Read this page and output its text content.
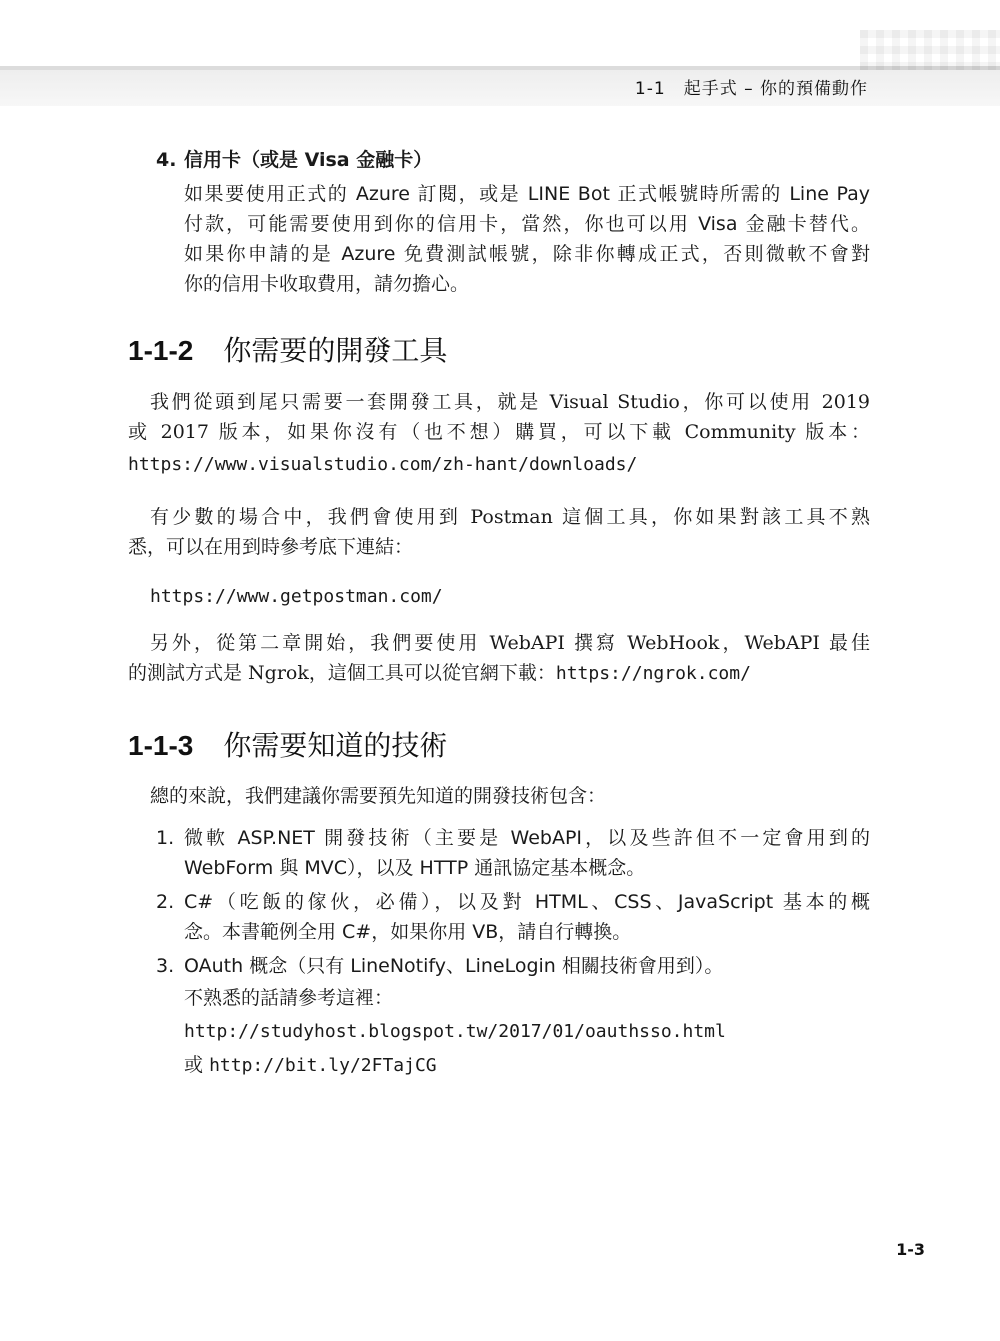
1-1　起手式 – 你的預備動作
4. 信用卡（或是 Visa 金融卡）
如果要使用正式的 Azure 訂閱，或是 LINE Bot 正式帳號時所需的 Line Pay
付款，可能需要使用到你的信用卡，當然，你也可以用 Visa 金融卡替代。
如果你申請的是 Azure 免費測試帳號，除非你轉成正式，否則微軟不會對
你的信用卡收取費用，請勿擔心。
1-1-2 你需要的開發工具
我們從頭到尾只需要一套開發工具，就是 Visual Studio，你可以使用 2019
或 2017 版本，如果你沒有（也不想）購買，可以下載 Community 版本：
https://www.visualstudio.com/zh-hant/downloads/
有少數的場合中，我們會使用到 Postman 這個工具，你如果對該工具不熟
悉，可以在用到時參考底下連結：
https://www.getpostman.com/
另外，從第二章開始，我們要使用 WebAPI 撰寫 WebHook，WebAPI 最佳
的測試方式是 Ngrok，這個工具可以從官網下載：https://ngrok.com/
1-1-3 你需要知道的技術
總的來說，我們建議你需要預先知道的開發技術包含：
1. 微軟 ASP.NET 開發技術（主要是 WebAPI，以及些許但不一定會用到的
WebForm 與 MVC），以及 HTTP 通訊協定基本概念。
2. C#（吃飯的傢伙，必備），以及對 HTML、CSS、JavaScript 基本的概
念。本書範例全用 C#，如果你用 VB，請自行轉換。
3. OAuth 概念（只有 LineNotify、LineLogin 相關技術會用到）。
不熟悉的話請參考這裡：
http://studyhost.blogspot.tw/2017/01/oauthsso.html
或 http://bit.ly/2FTajCG
1-3
